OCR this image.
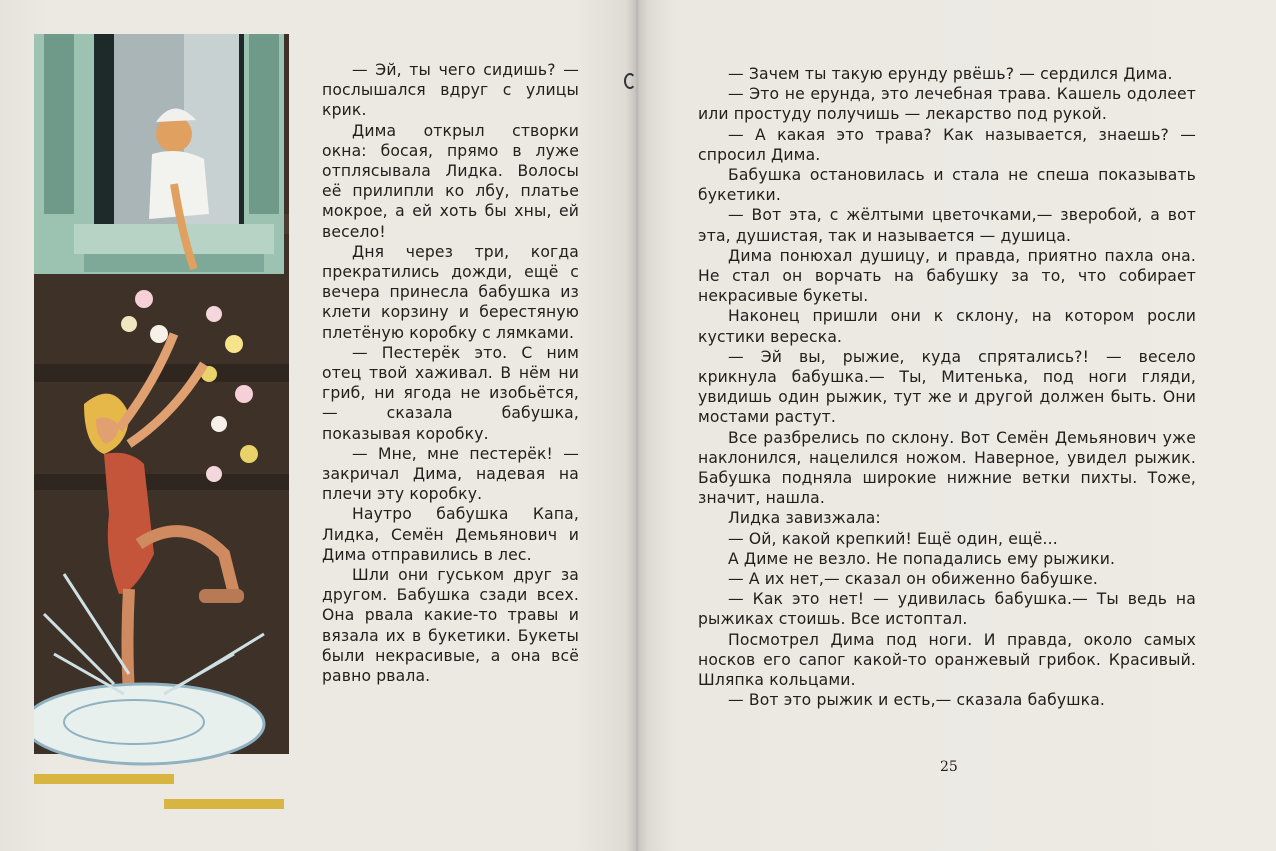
— Эй, ты чего сидишь? — послышался вдруг с улицы крик.

Дима открыл створки окна: босая, прямо в луже отплясывала Лидка. Волосы её прилипли ко лбу, платье мокрое, а ей хоть бы хны, ей весело!

Дня через три, когда прекратились дожди, ещё с вечера принесла бабушка из клети корзину и берестяную плетёную коробку с лямками.

— Пестерёк это. С ним отец твой хаживал. В нём ни гриб, ни ягода не изобьётся,— сказала бабушка, показывая коробку.

— Мне, мне пестерёк! — закричал Дима, надевая на плечи эту коробку.

Наутро бабушка Капа, Лидка, Семён Демьянович и Дима отправились в лес.

Шли они гуськом друг за другом. Бабушка сзади всех. Она рвала какие-то травы и вязала их в букетики. Букеты были некрасивые, а она всё равно рвала.

— Зачем ты такую ерунду рвёшь? — сердился Дима.

— Это не ерунда, это лечебная трава. Кашель одолеет или простуду получишь — лекарство под рукой.

— А какая это трава? Как называется, знаешь? — спросил Дима.

Бабушка остановилась и стала не спеша показывать букетики.

— Вот эта, с жёлтыми цветочками,— зверобой, а вот эта, душистая, так и называется — душица.

Дима понюхал душицу, и правда, приятно пахла она. Не стал он ворчать на бабушку за то, что собирает некрасивые букеты.

Наконец пришли они к склону, на котором росли кустики вереска.

— Эй вы, рыжие, куда спрятались?! — весело крикнула бабушка.— Ты, Митенька, под ноги гляди, увидишь один рыжик, тут же и другой должен быть. Они мостами растут.

Все разбрелись по склону. Вот Семён Демьянович уже наклонился, нацелился ножом. Наверное, увидел рыжик. Бабушка подняла широкие нижние ветки пихты. Тоже, значит, нашла.

Лидка завизжала:

— Ой, какой крепкий! Ещё один, ещё...

А Диме не везло. Не попадались ему рыжики.

— А их нет,— сказал он обиженно бабушке.

— Как это нет! — удивилась бабушка.— Ты ведь на рыжиках стоишь. Все истоптал.

Посмотрел Дима под ноги. И правда, около самых носков его сапог какой-то оранжевый грибок. Красивый. Шляпка кольцами.

— Вот это рыжик и есть,— сказала бабушка.

25
